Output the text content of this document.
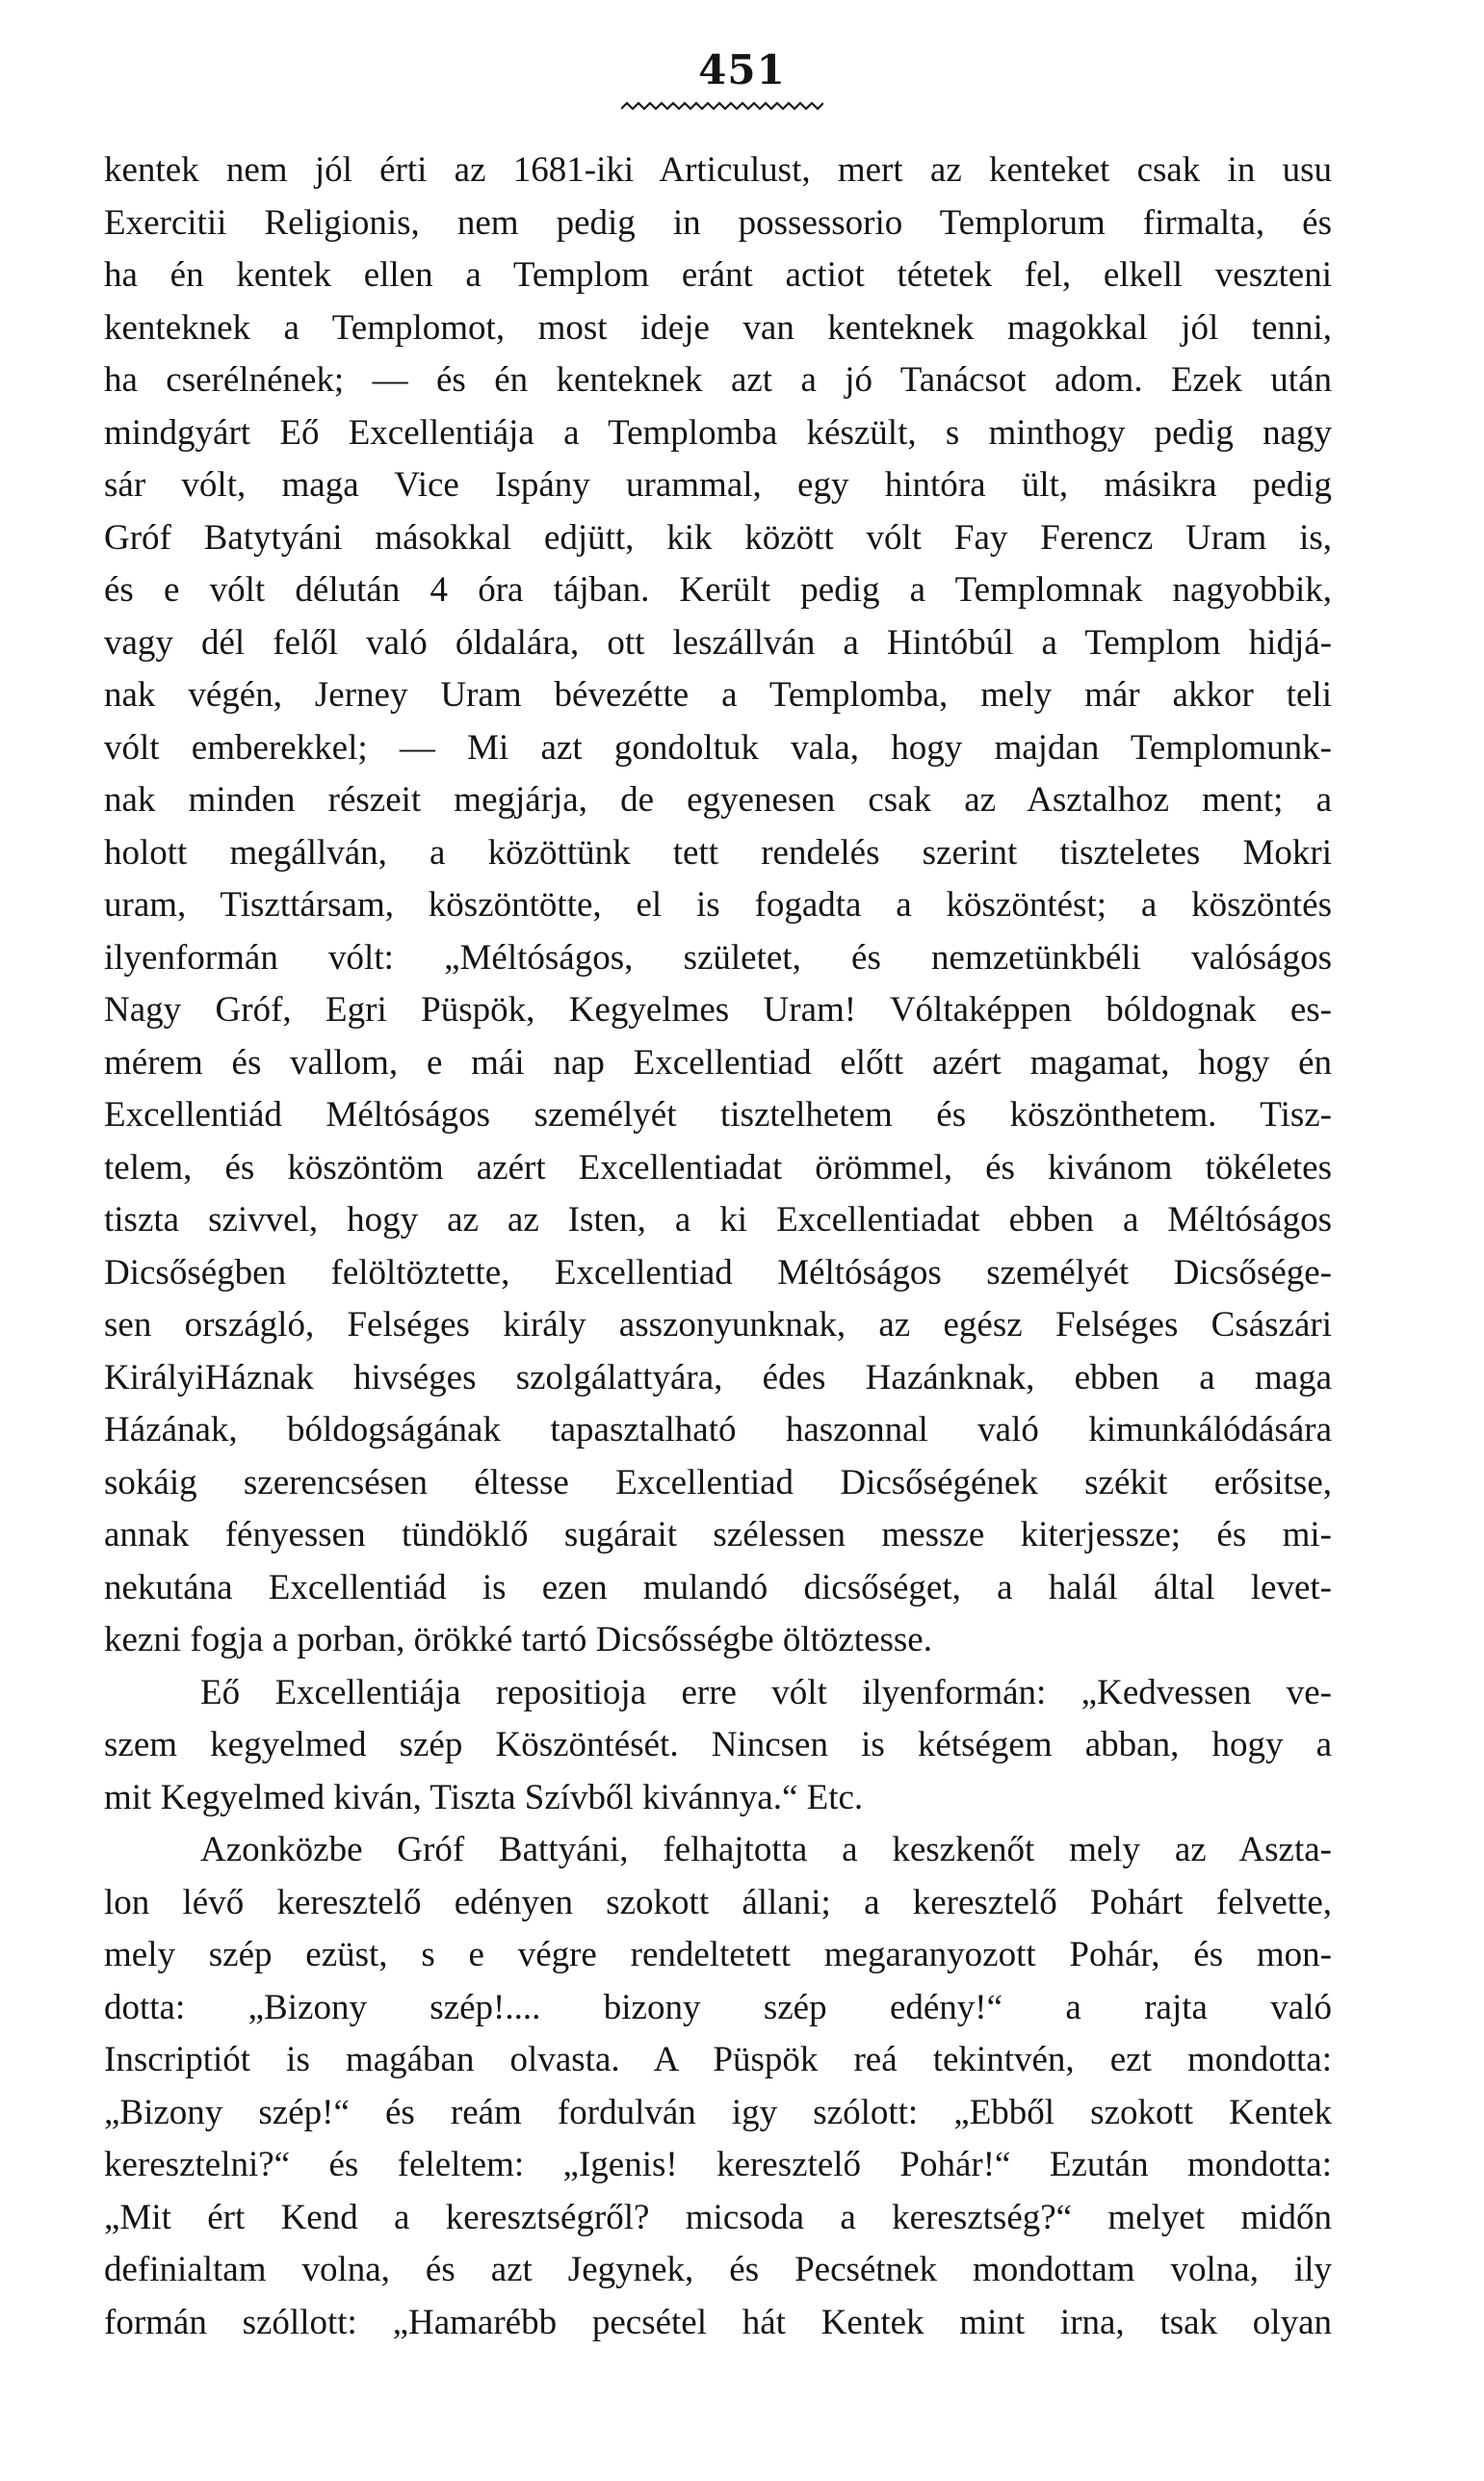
451
kentek nem jól érti az 1681-iki Articulust, mert az kenteket csak in usu
Exercitii Religionis, nem pedig in possessorio Templorum firmalta, és
ha én kentek ellen a Templom eránt actiot tétetek fel, elkell veszteni
kenteknek a Templomot, most ideje van kenteknek magokkal jól tenni,
ha cserélnének; — és én kenteknek azt a jó Tanácsot adom. Ezek után
mindgyárt Eő Excellentiája a Templomba készült, s minthogy pedig nagy
sár vólt, maga Vice Ispány urammal, egy hintóra ült, másikra pedig
Gróf Batytyáni másokkal edjütt, kik között vólt Fay Ferencz Uram is,
és e vólt délután 4 óra tájban. Került pedig a Templomnak nagyobbik,
vagy dél felől való óldalára, ott leszállván a Hintóbúl a Templom hidjá-
nak végén, Jerney Uram bévezétte a Templomba, mely már akkor teli
vólt emberekkel; — Mi azt gondoltuk vala, hogy majdan Templomunk-
nak minden részeit megjárja, de egyenesen csak az Asztalhoz ment; a
holott megállván, a közöttünk tett rendelés szerint tiszteletes Mokri
uram, Tiszttársam, köszöntötte, el is fogadta a köszöntést; a köszöntés
ilyenformán vólt: „Méltóságos, születet, és nemzetünkbéli valóságos
Nagy Gróf, Egri Püspök, Kegyelmes Uram! Vóltaképpen bóldognak es-
mérem és vallom, e mái nap Excellentiad előtt azért magamat, hogy én
Excellentiád Méltóságos személyét tisztelhetem és köszönthetem. Tisz-
telem, és köszöntöm azért Excellentiadat örömmel, és kivánom tökéletes
tiszta szivvel, hogy az az Isten, a ki Excellentiadat ebben a Méltóságos
Dicsőségben felöltöztette, Excellentiad Méltóságos személyét Dicsősége-
sen országló, Felséges király asszonyunknak, az egész Felséges Császári
KirályiHáznak hivséges szolgálattyára, édes Hazánknak, ebben a maga
Házának, bóldogságának tapasztalható haszonnal való kimunkálódására
sokáig szerencsésen éltesse Excellentiad Dicsőségének székit erősitse,
annak fényessen tündöklő sugárait szélessen messze kiterjessze; és mi-
nekutána Excellentiád is ezen mulandó dicsőséget, a halál által levet-
kezni fogja a porban, örökké tartó Dicsősségbe öltöztesse.
Eő Excellentiája repositioja erre vólt ilyenformán: „Kedvessen ve-
szem kegyelmed szép Köszöntését. Nincsen is kétségem abban, hogy a
mit Kegyelmed kiván, Tiszta Szívből kivánnya.“ Etc.
Azonközbe Gróf Battyáni, felhajtotta a keszkenőt mely az Aszta-
lon lévő keresztelő edényen szokott állani; a keresztelő Pohárt felvette,
mely szép ezüst, s e végre rendeltetett megaranyozott Pohár, és mon-
dotta: „Bizony szép!.... bizony szép edény!“ a rajta való
Inscriptiót is magában olvasta. A Püspök reá tekintvén, ezt mondotta:
„Bizony szép!“ és reám fordulván igy szólott: „Ebből szokott Kentek
keresztelni?“ és feleltem: „Igenis! keresztelő Pohár!“ Ezután mondotta:
„Mit ért Kend a keresztségről? micsoda a keresztség?“ melyet midőn
definialtam volna, és azt Jegynek, és Pecsétnek mondottam volna, ily
formán szóllott: „Hamarébb pecsétel hát Kentek mint irna, tsak olyan
